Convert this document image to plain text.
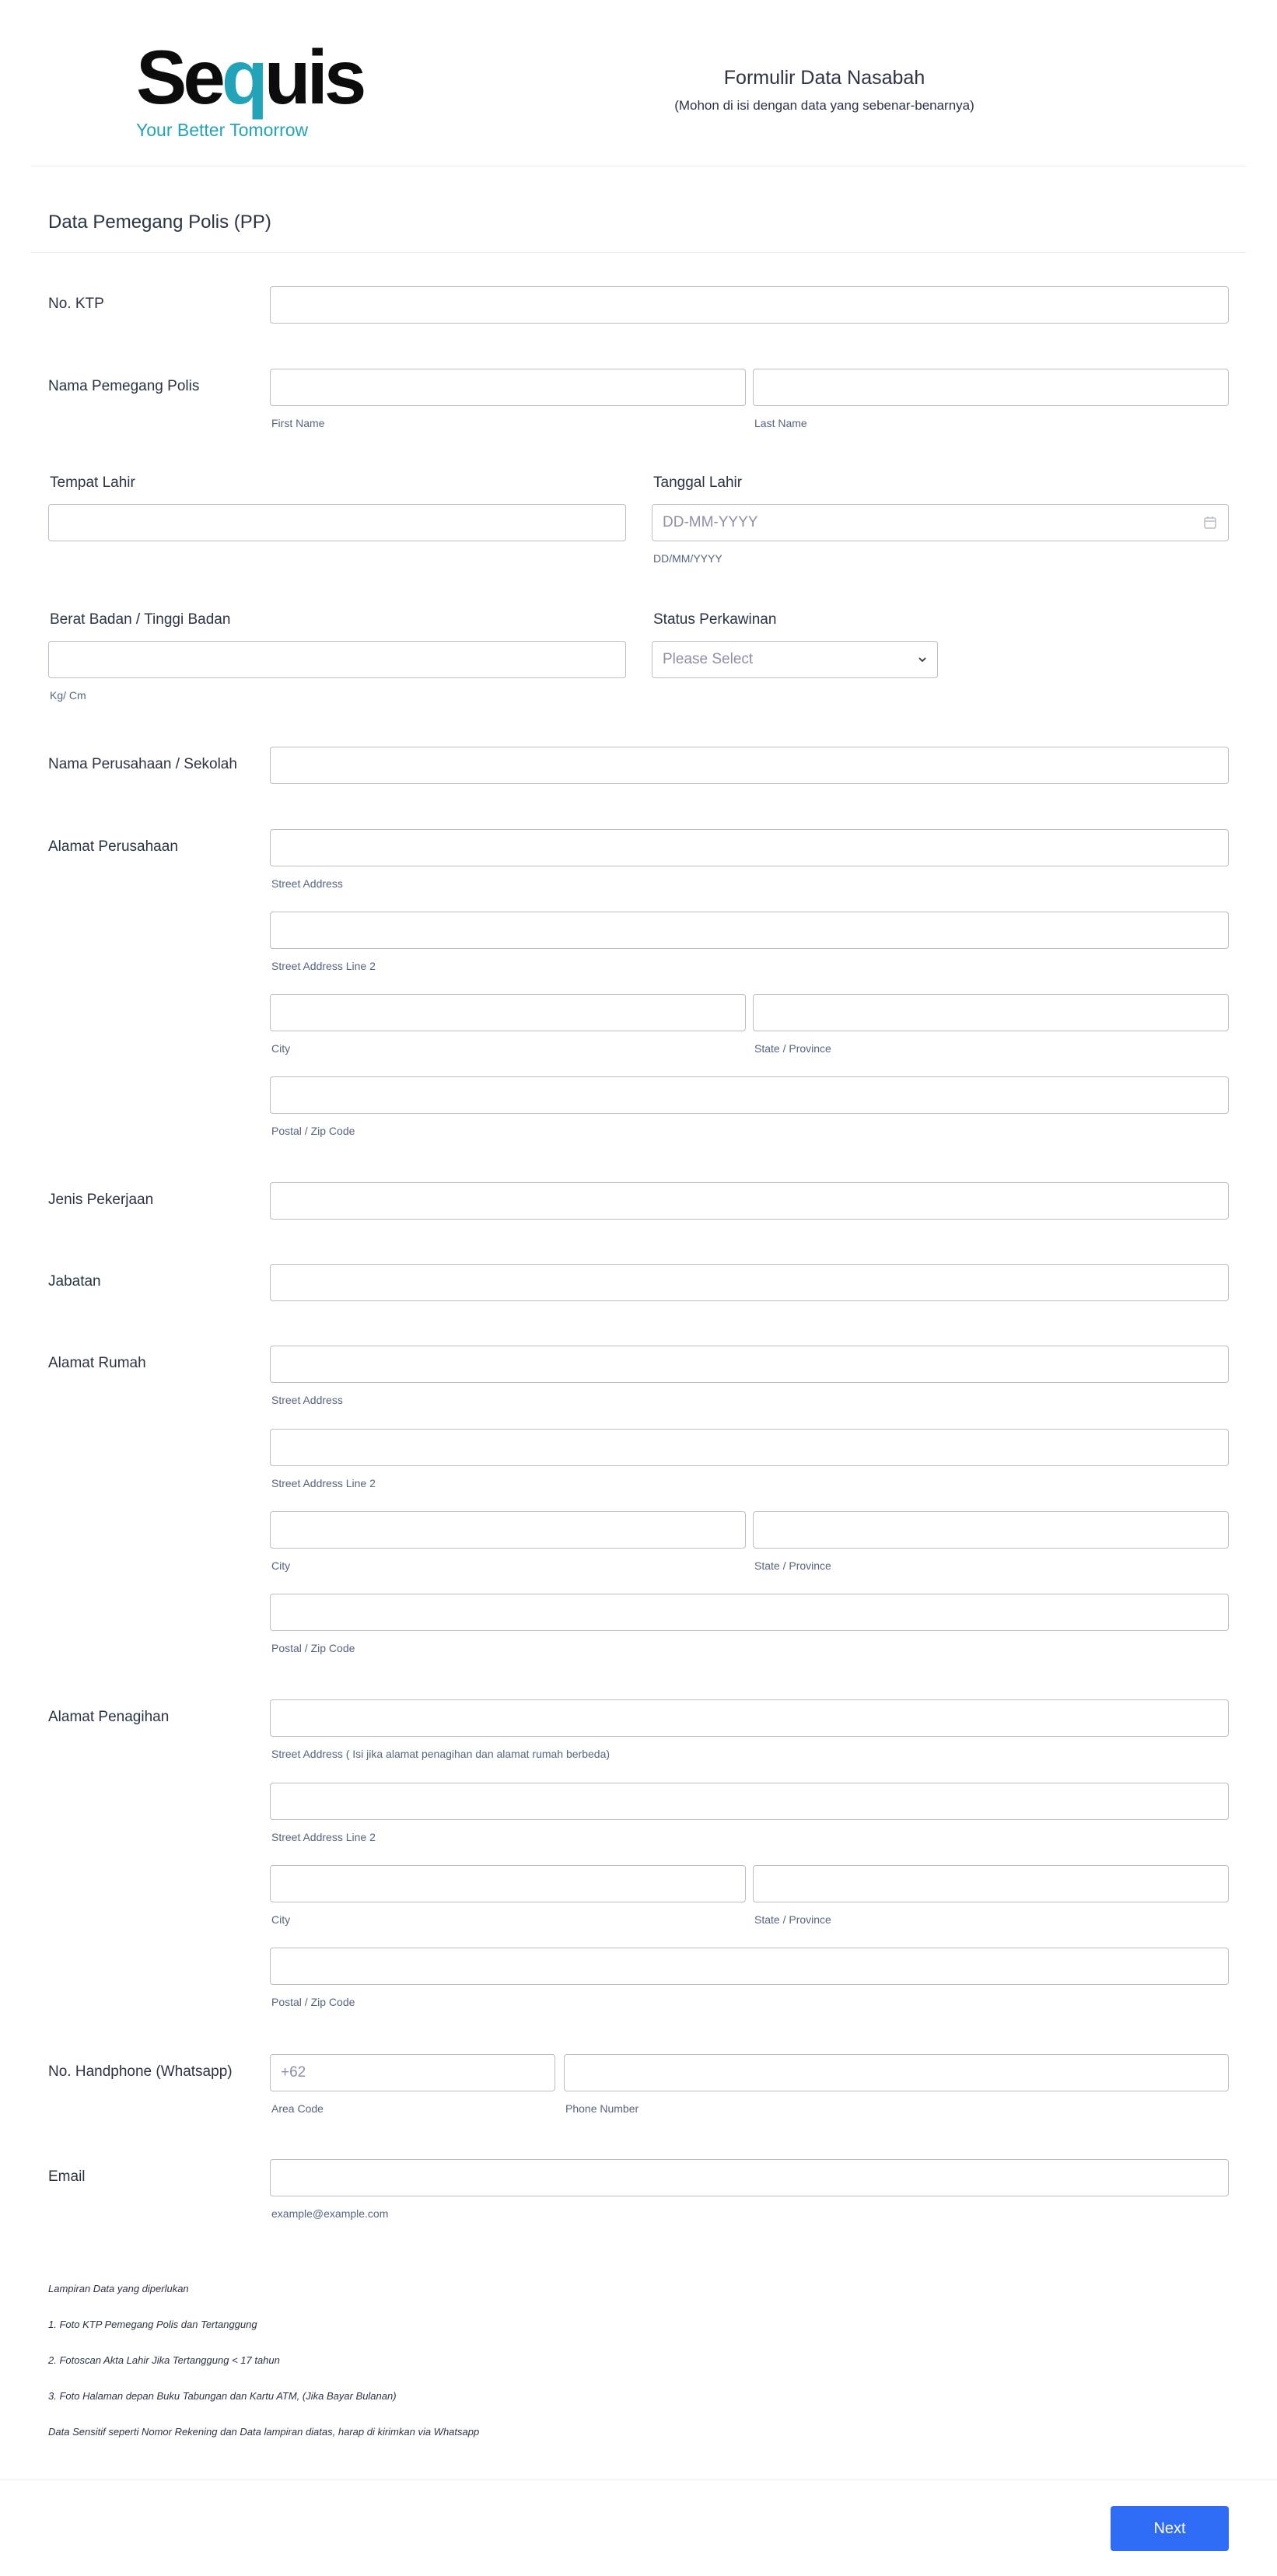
Sequis
Your Better Tomorrow
Formulir Data Nasabah
(Mohon di isi dengan data yang sebenar-benarnya)
Data Pemegang Polis (PP)
No. KTP
Nama Pemegang Polis
First Name	Last Name
Tempat Lahir	Tanggal Lahir
DD-MM-YYYY
DD/MM/YYYY
Berat Badan / Tinggi Badan
Kg/ Cm
Status Perkawinan
Please Select
Nama Perusahaan / Sekolah
Alamat Perusahaan
Street Address
Street Address Line 2
City	State / Province
Postal / Zip Code
Jenis Pekerjaan
Jabatan
Alamat Rumah
Street Address
Street Address Line 2
City	State / Province
Postal / Zip Code
Alamat Penagihan
Street Address ( Isi jika alamat penagihan dan alamat rumah berbeda)
Street Address Line 2
City	State / Province
Postal / Zip Code
No. Handphone (Whatsapp)	+62
Area Code	Phone Number
Email
example@example.com
Lampiran Data yang diperlukan
1. Foto KTP Pemegang Polis dan Tertanggung
2. Fotoscan Akta Lahir Jika Tertanggung < 17 tahun
3. Foto Halaman depan Buku Tabungan dan Kartu ATM, (Jika Bayar Bulanan)
Data Sensitif seperti Nomor Rekening dan Data lampiran diatas, harap di kirimkan via Whatsapp
Next
